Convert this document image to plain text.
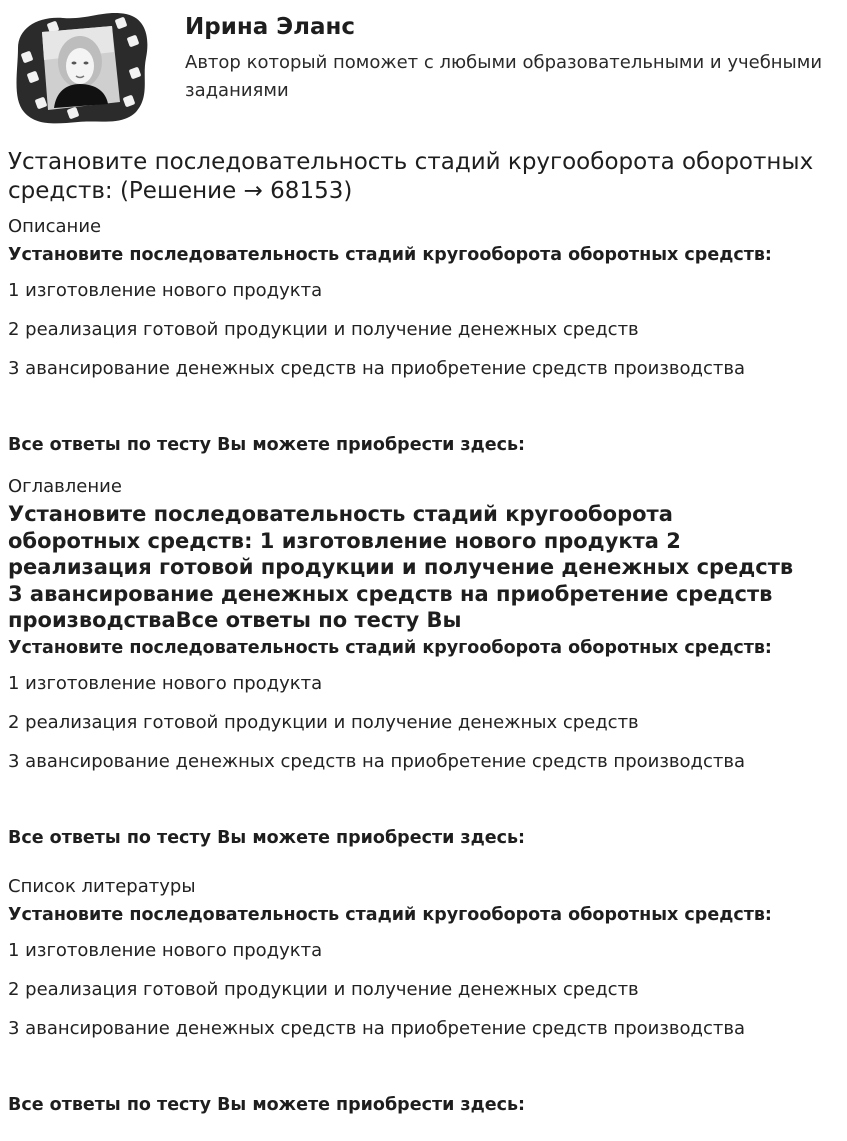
Ирина Эланс
Автор который поможет с любыми образовательными и учебными заданиями
Установите последовательность стадий кругооборота оборотных средств: (Решение → 68153)
Описание
Установите последовательность стадий кругооборота оборотных средств:
1 изготовление нового продукта
2 реализация готовой продукции и получение денежных средств
3 авансирование денежных средств на приобретение средств производства
Все ответы по тесту Вы можете приобрести здесь:
Оглавление
Установите последовательность стадий кругооборота
оборотных средств: 1 изготовление нового продукта 2
реализация готовой продукции и получение денежных средств
3 авансирование денежных средств на приобретение средств
производстваВсе ответы по тесту Вы
Установите последовательность стадий кругооборота оборотных средств:
1 изготовление нового продукта
2 реализация готовой продукции и получение денежных средств
3 авансирование денежных средств на приобретение средств производства
Все ответы по тесту Вы можете приобрести здесь:
Список литературы
Установите последовательность стадий кругооборота оборотных средств:
1 изготовление нового продукта
2 реализация готовой продукции и получение денежных средств
3 авансирование денежных средств на приобретение средств производства
Все ответы по тесту Вы можете приобрести здесь:
